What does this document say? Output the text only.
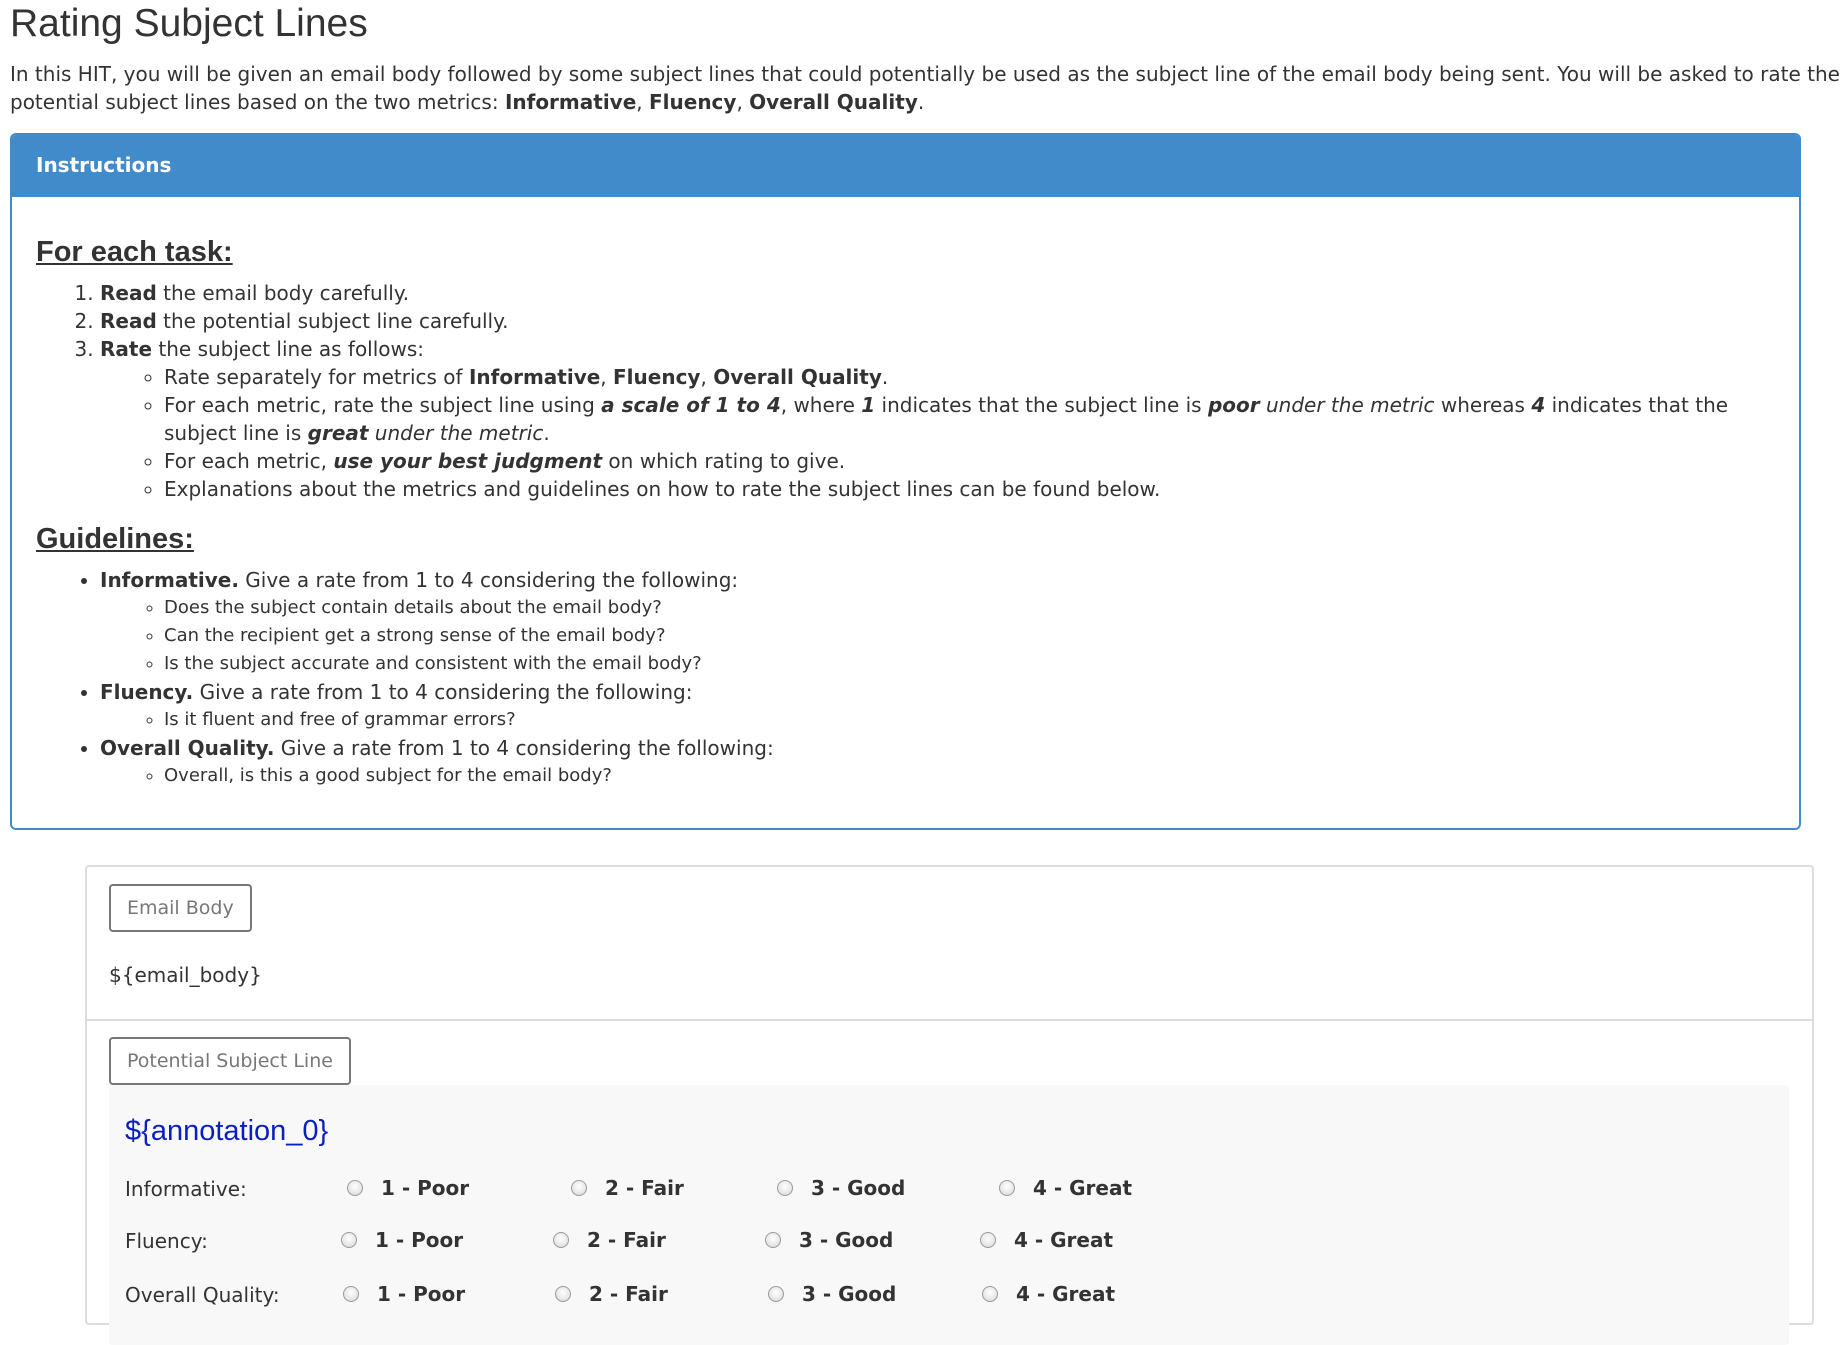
Rating Subject Lines

In this HIT, you will be given an email body followed by some subject lines that could potentially be used as the subject line of the email body being sent. You will be asked to rate the potential subject lines based on the two metrics: Informative, Fluency, Overall Quality.

Instructions
For each task:
1. Read the email body carefully.
2. Read the potential subject line carefully.
3. Rate the subject line as follows:
◦ Rate separately for metrics of Informative, Fluency, Overall Quality.
◦ For each metric, rate the subject line using a scale of 1 to 4, where 1 indicates that the subject line is poor under the metric whereas 4 indicates that the subject line is great under the metric.
◦ For each metric, use your best judgment on which rating to give.
◦ Explanations about the metrics and guidelines on how to rate the subject lines can be found below.
Guidelines:
• Informative. Give a rate from 1 to 4 considering the following:
◦ Does the subject contain details about the email body?
◦ Can the recipient get a strong sense of the email body?
◦ Is the subject accurate and consistent with the email body?
• Fluency. Give a rate from 1 to 4 considering the following:
◦ Is it fluent and free of grammar errors?
• Overall Quality. Give a rate from 1 to 4 considering the following:
◦ Overall, is this a good subject for the email body?
Email Body
${email_body}
Potential Subject Line
${annotation_0}
Informative:	1 - Poor	2 - Fair	3 - Good	4 - Great
Fluency:	1 - Poor	2 - Fair	3 - Good	4 - Great
Overall Quality:	1 - Poor	2 - Fair	3 - Good	4 - Great
